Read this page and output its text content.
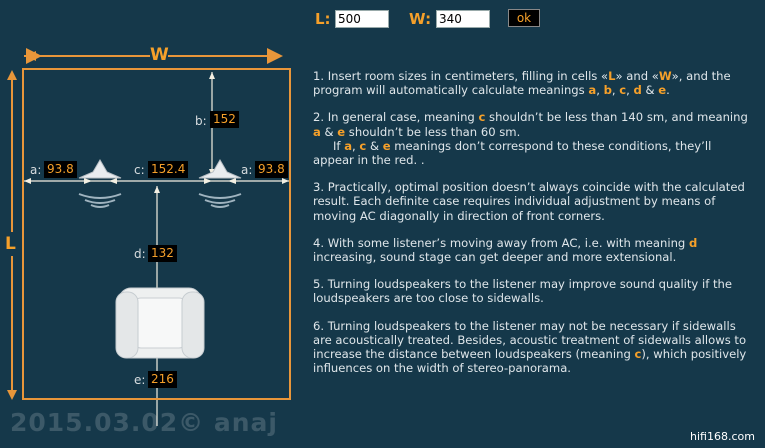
L:
500	W:
340	ok
W
L
a: 93.8	c: 152.4	a: 93.8
b: 152
d: 132
e: 216

1. Insert room sizes in centimeters, filling in cells «L» and «W», and the program will automatically calculate meanings a, b, c, d & e.

2. In general case, meaning c shouldn’t be less than 140 sm, and meaning a & e shouldn’t be less than 60 sm.
If a, c & e meanings don’t correspond to these conditions, they’ll appear in the red. .

3. Practically, optimal position doesn’t always coincide with the calculated result. Each definite case requires individual adjustment by means of moving AC diagonally in direction of front corners.

4. With some listener’s moving away from AC, i.e. with meaning d increasing, sound stage can get deeper and more extensional.

5. Turning loudspeakers to the listener may improve sound quality if the loudspeakers are too close to sidewalls.

6. Turning loudspeakers to the listener may not be necessary if sidewalls are acoustically treated. Besides, acoustic treatment of sidewalls allows to increase the distance between loudspeakers (meaning c), which positively influences on the width of stereo-panorama.

2015.03.02© anaj	hifi168.com
